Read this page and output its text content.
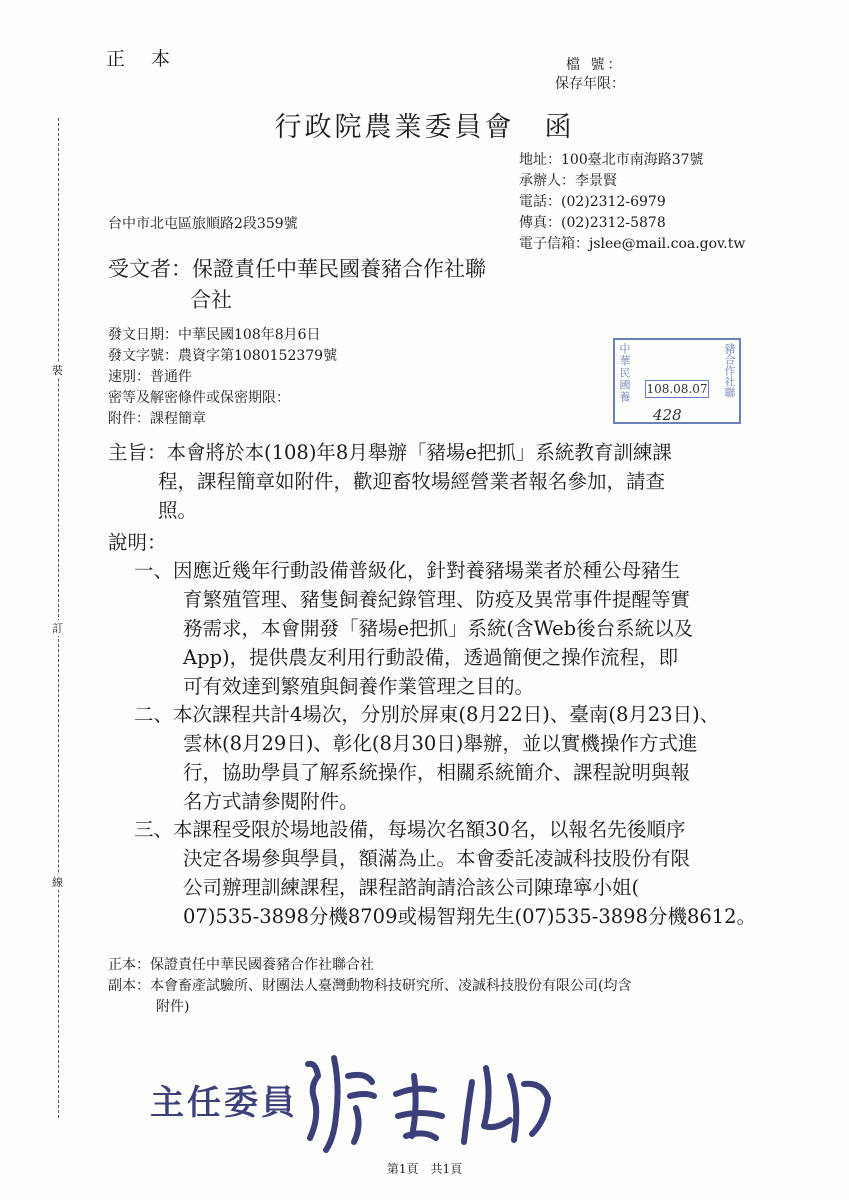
裝
訂
線
正 本	檔 號：
保存年限：
行政院農業委員會　函
地址：100臺北市南海路37號
承辦人：李景賢
電話：(02)2312-6979
傳真：(02)2312-5878
電子信箱：jslee@mail.coa.gov.tw
台中市北屯區旅順路2段359號
受文者：保證責任中華民國養豬合作社聯
合社
發文日期：中華民國108年8月6日
發文字號：農資字第1080152379號
速別：普通件
密等及解密條件或保密期限：
附件：課程簡章
中華民國養	豬合作社聯
108.08.07
428
主旨：本會將於本(108)年8月舉辦「豬場e把抓」系統教育訓練課
程，課程簡章如附件，歡迎畜牧場經營業者報名參加，請查
照。
說明：
一、因應近幾年行動設備普級化，針對養豬場業者於種公母豬生
育繁殖管理、豬隻飼養紀錄管理、防疫及異常事件提醒等實
務需求，本會開發「豬場e把抓」系統(含Web後台系統以及
App)，提供農友利用行動設備，透過簡便之操作流程，即
可有效達到繁殖與飼養作業管理之目的。
二、本次課程共計4場次，分別於屏東(8月22日)、臺南(8月23日)、
雲林(8月29日)、彰化(8月30日)舉辦，並以實機操作方式進
行，協助學員了解系統操作，相關系統簡介、課程說明與報
名方式請參閱附件。
三、本課程受限於場地設備，每場次名額30名，以報名先後順序
決定各場參與學員，額滿為止。本會委託凌誠科技股份有限
公司辦理訓練課程，課程諮詢請洽該公司陳瑋寧小姐(
07)535-3898分機8709或楊智翔先生(07)535-3898分機8612。
正本：保證責任中華民國養豬合作社聯合社
副本：本會畜產試驗所、財團法人臺灣動物科技研究所、凌誠科技股份有限公司(均含
附件)
主任委員
第1頁　共1頁
